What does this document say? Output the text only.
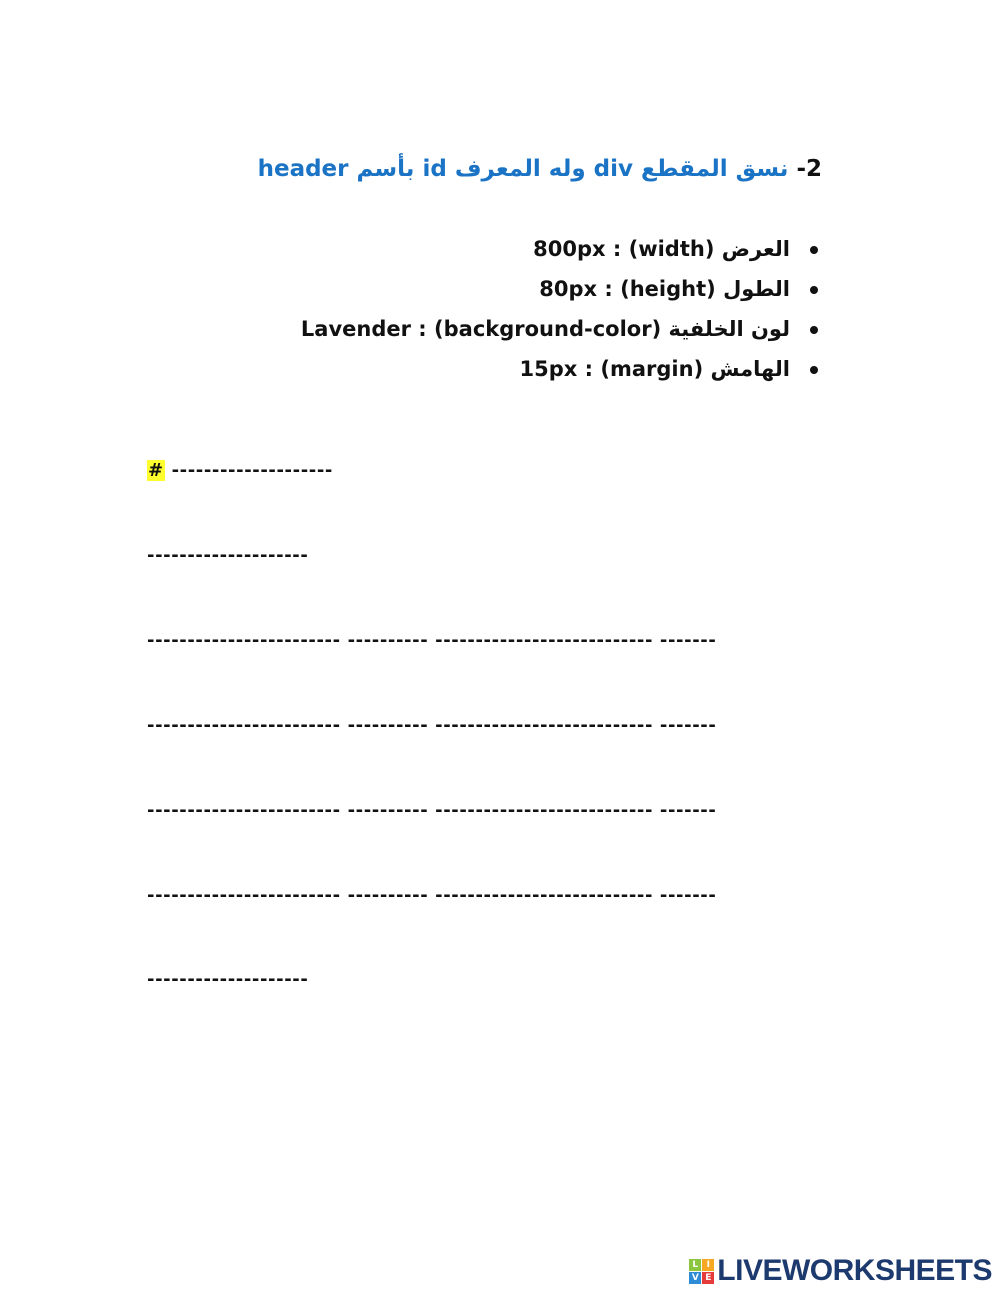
2- نسق المقطع div وله المعرف id بأسم header
العرض (width) : 800px
الطول (height) : 80px
لون الخلفية (background-color) : Lavender
الهامش (margin) : 15px
# --------------------
--------------------
------------------------ ---------- --------------------------- -------
------------------------ ---------- --------------------------- -------
------------------------ ---------- --------------------------- -------
------------------------ ---------- --------------------------- -------
--------------------
L I
V E LIVEWORKSHEETS
